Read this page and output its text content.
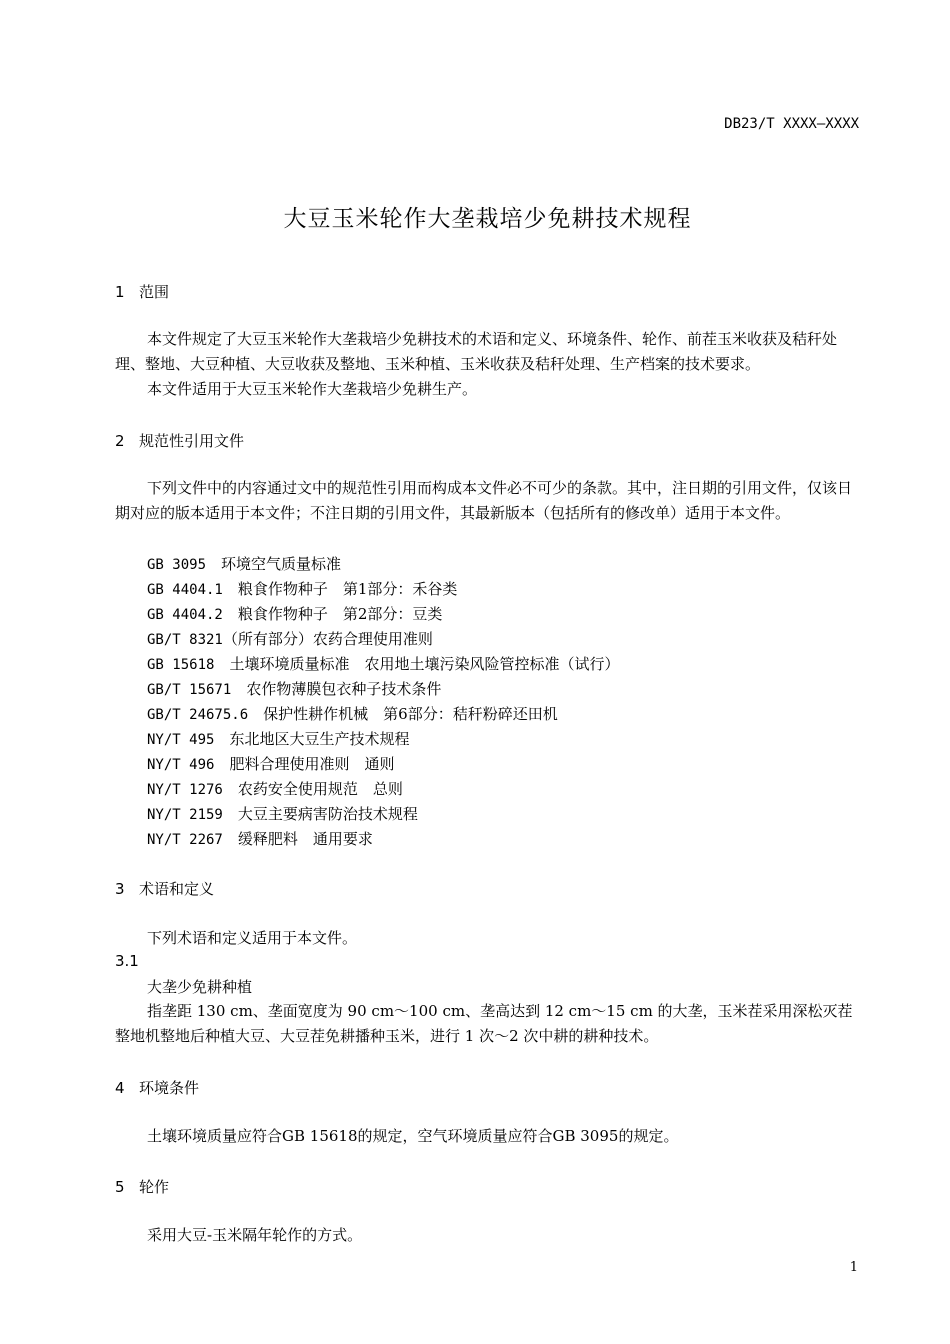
DB23/T XXXX—XXXX
大豆玉米轮作大垄栽培少免耕技术规程
1 范围
本文件规定了大豆玉米轮作大垄栽培少免耕技术的术语和定义、环境条件、轮作、前茬玉米收获及秸秆处理、整地、大豆种植、大豆收获及整地、玉米种植、玉米收获及秸秆处理、生产档案的技术要求。
本文件适用于大豆玉米轮作大垄栽培少免耕生产。
2 规范性引用文件
下列文件中的内容通过文中的规范性引用而构成本文件必不可少的条款。其中，注日期的引用文件，仅该日期对应的版本适用于本文件；不注日期的引用文件，其最新版本（包括所有的修改单）适用于本文件。
GB 3095　 环境空气质量标准
GB 4404.1　 粮食作物种子　第1部分：禾谷类
GB 4404.2　 粮食作物种子　第2部分：豆类
GB/T 8321（所有部分）农药合理使用准则
GB 15618　 土壤环境质量标准　农用地土壤污染风险管控标准（试行）
GB/T 15671　 农作物薄膜包衣种子技术条件
GB/T 24675.6　 保护性耕作机械　第6部分：秸秆粉碎还田机
NY/T 495　 东北地区大豆生产技术规程
NY/T 496　 肥料合理使用准则　通则
NY/T 1276　 农药安全使用规范　总则
NY/T 2159　 大豆主要病害防治技术规程
NY/T 2267　 缓释肥料　通用要求
3 术语和定义
下列术语和定义适用于本文件。
3.1
大垄少免耕种植
指垄距 130 cm、垄面宽度为 90 cm～100 cm、垄高达到 12 cm～15 cm 的大垄，玉米茬采用深松灭茬整地机整地后种植大豆、大豆茬免耕播种玉米，进行 1 次～2 次中耕的耕种技术。
4 环境条件
土壤环境质量应符合GB 15618的规定，空气环境质量应符合GB 3095的规定。
5 轮作
采用大豆-玉米隔年轮作的方式。
1
